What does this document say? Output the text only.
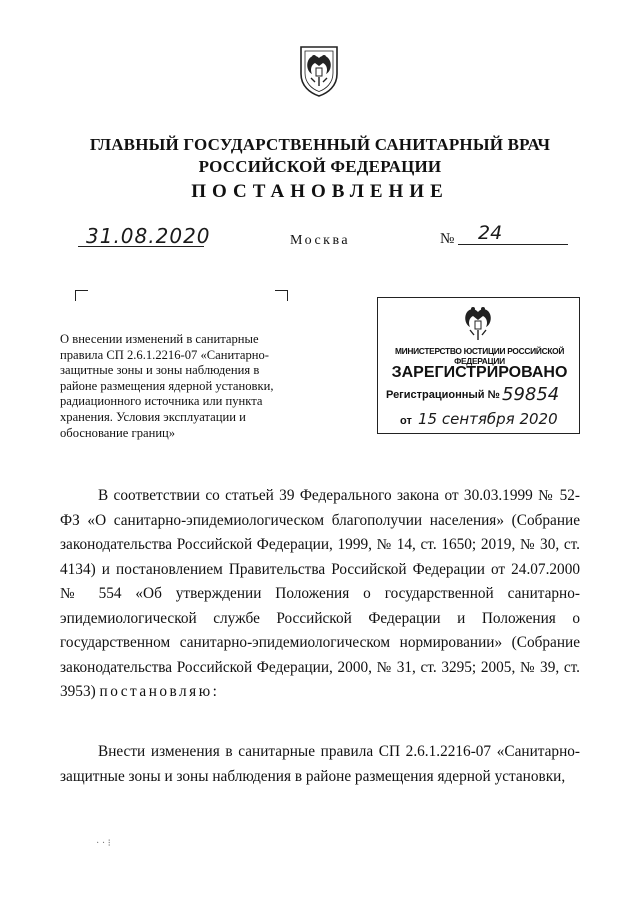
ГЛАВНЫЙ ГОСУДАРСТВЕННЫЙ САНИТАРНЫЙ ВРАЧ
РОССИЙСКОЙ ФЕДЕРАЦИИ
ПОСТАНОВЛЕНИЕ
31.08.2020	Москва	№ 24
О внесении изменений в санитарные правила СП 2.6.1.2216-07 «Санитарно-защитные зоны и зоны наблюдения в районе размещения ядерной установки, радиационного источника или пункта хранения. Условия эксплуатации и обоснование границ»
МИНИСТЕРСТВО ЮСТИЦИИ РОССИЙСКОЙ ФЕДЕРАЦИИ
ЗАРЕГИСТРИРОВАНО
Регистрационный № 59854
от 15 сентября 2020
В соответствии со статьей 39 Федерального закона от 30.03.1999 № 52-ФЗ «О санитарно-эпидемиологическом благополучии населения» (Собрание законодательства Российской Федерации, 1999, № 14, ст. 1650; 2019, № 30, ст. 4134) и постановлением Правительства Российской Федерации от 24.07.2000 № 554 «Об утверждении Положения о государственной санитарно-эпидемиологической службе Российской Федерации и Положения о государственном санитарно-эпидемиологическом нормировании» (Собрание законодательства Российской Федерации, 2000, № 31, ст. 3295; 2005, № 39, ст. 3953) постановляю:
Внести изменения в санитарные правила СП 2.6.1.2216-07 «Санитарно-защитные зоны и зоны наблюдения в районе размещения ядерной установки,
· · ⁝
